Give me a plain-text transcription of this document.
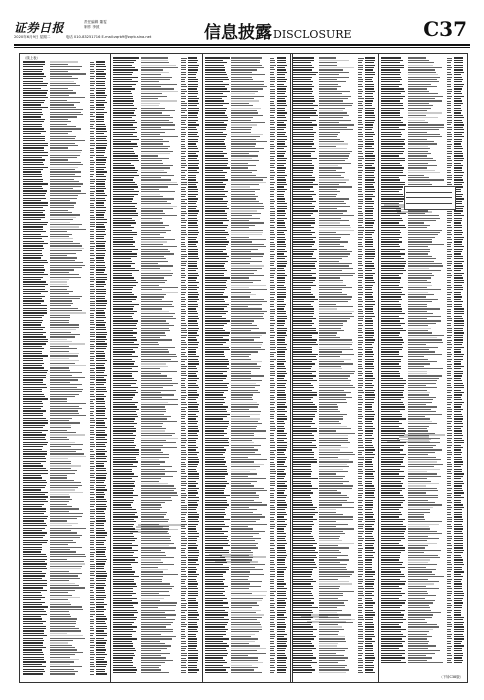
证券日报	责任编辑 董雯
制作 李波
2020年6月9日 星期二	电话 010-83251716 E-mail:zqrb9@zqrb.sina.net	信息披露DISCLOSURE	C37
（续上表）
（下转C38版）
